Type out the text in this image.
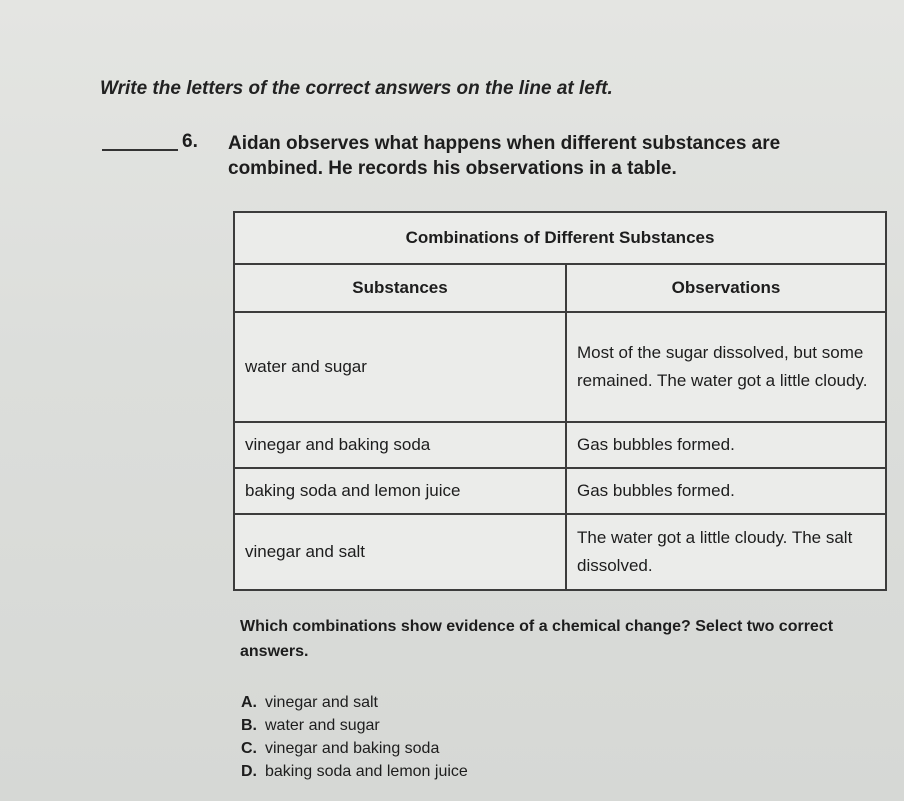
Write the letters of the correct answers on the line at left.
6. Aidan observes what happens when different substances are combined. He records his observations in a table.
Combinations of Different Substances	
Substances	Observations
water and sugar	Most of the sugar dissolved, but some remained. The water got a little cloudy.
vinegar and baking soda	Gas bubbles formed.
baking soda and lemon juice	Gas bubbles formed.
vinegar and salt	The water got a little cloudy. The salt dissolved.
Which combinations show evidence of a chemical change? Select two correct answers.
A. vinegar and salt
B. water and sugar
C. vinegar and baking soda
D. baking soda and lemon juice
